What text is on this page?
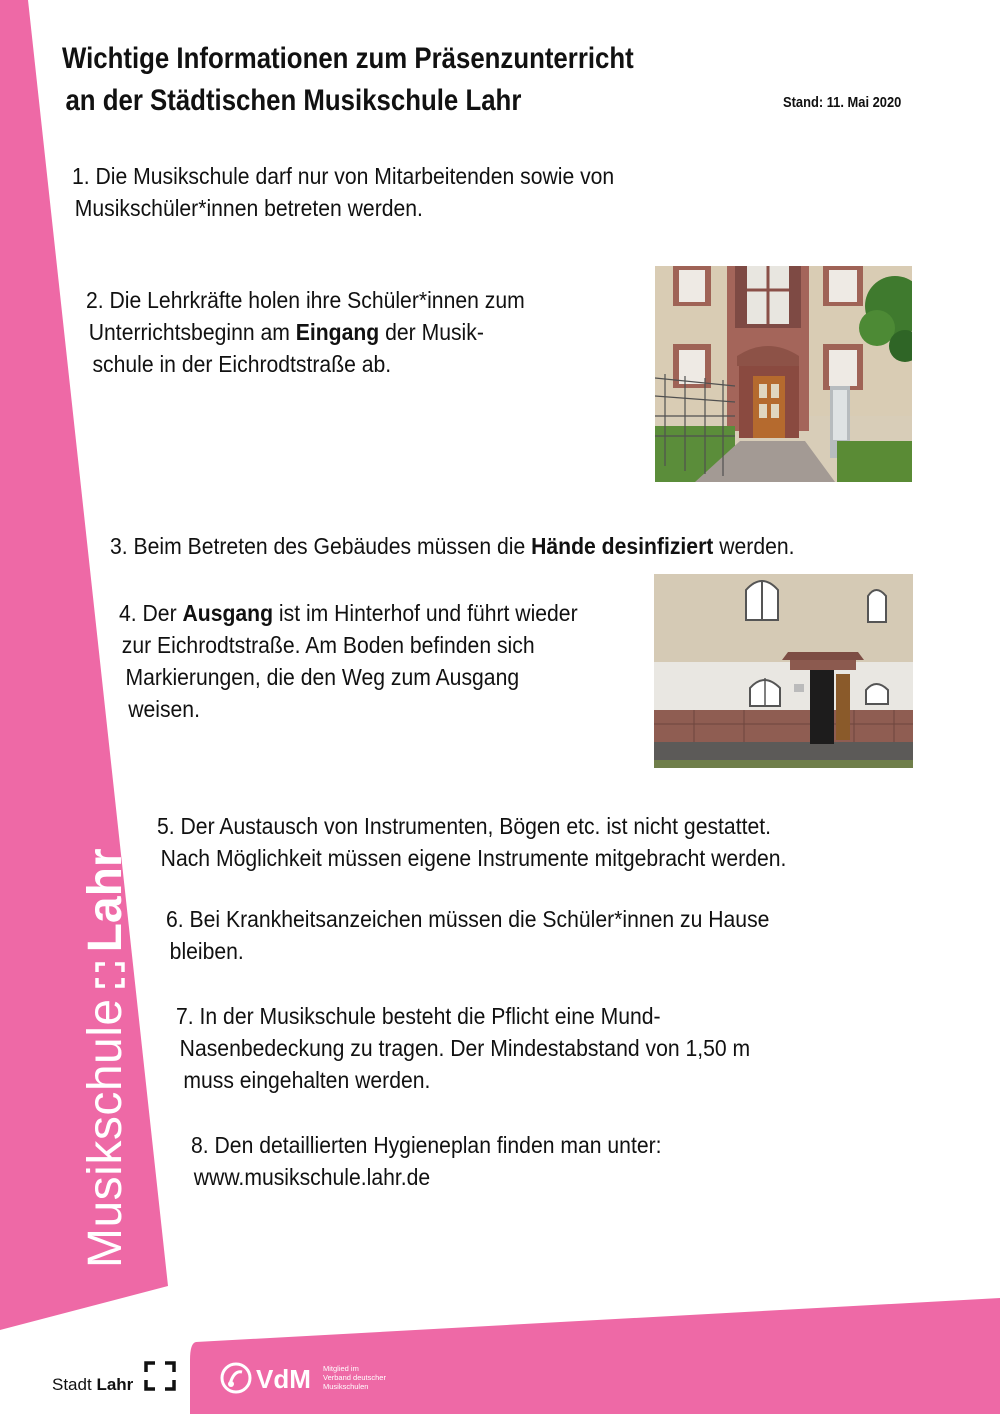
Wichtige Informationen zum Präsenzunterricht
an der Städtischen Musikschule Lahr	Stand: 11. Mai 2020

1. Die Musikschule darf nur von Mitarbeitenden sowie von
Musikschüler*innen betreten werden.

2. Die Lehrkräfte holen ihre Schüler*innen zum
Unterrichtsbeginn am Eingang der Musik-
schule in der Eichrodtstraße ab.

3. Beim Betreten des Gebäudes müssen die Hände desinfiziert werden.

4. Der Ausgang ist im Hinterhof und führt wieder
zur Eichrodtstraße. Am Boden befinden sich
Markierungen, die den Weg zum Ausgang
weisen.

5. Der Austausch von Instrumenten, Bögen etc. ist nicht gestattet.
Nach Möglichkeit müssen eigene Instrumente mitgebracht werden.

6. Bei Krankheitsanzeichen müssen die Schüler*innen zu Hause
bleiben.

7. In der Musikschule besteht die Pflicht eine Mund-
Nasenbedeckung zu tragen. Der Mindestabstand von 1,50 m
muss eingehalten werden.

8. Den detaillierten Hygieneplan finden man unter:
www.musikschule.lahr.de

Musikschule
Lahr
Stadt Lahr	VdM Mitglied im
Verband deutscher
Musikschulen
